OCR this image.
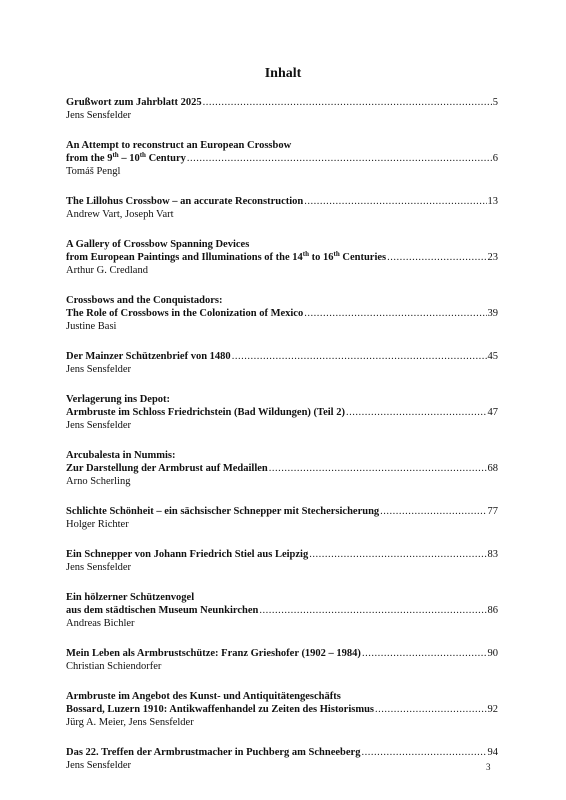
Inhalt
Grußwort zum Jahrblatt 2025 .....	5
Jens Sensfelder
An Attempt to reconstruct an European Crossbow
from the 9th – 10th Century .....	6
Tomáš Pengl
The Lillohus Crossbow – an accurate Reconstruction .....	13
Andrew Vart, Joseph Vart
A Gallery of Crossbow Spanning Devices
from European Paintings and Illuminations of the 14th to 16th Centuries .....	23
Arthur G. Credland
Crossbows and the Conquistadors:
The Role of Crossbows in the Colonization of Mexico .....	39
Justine Basi
Der Mainzer Schützenbrief von 1480 .....	45
Jens Sensfelder
Verlagerung ins Depot:
Armbruste im Schloss Friedrichstein (Bad Wildungen) (Teil 2) .....	47
Jens Sensfelder
Arcubalesta in Nummis:
Zur Darstellung der Armbrust auf Medaillen .....	68
Arno Scherling
Schlichte Schönheit – ein sächsischer Schnepper mit Stechersicherung .....	77
Holger Richter
Ein Schnepper von Johann Friedrich Stiel aus Leipzig .....	83
Jens Sensfelder
Ein hölzerner Schützenvogel
aus dem städtischen Museum Neunkirchen .....	86
Andreas Bichler
Mein Leben als Armbrustschütze: Franz Grieshofer (1902 – 1984) .....	90
Christian Schiendorfer
Armbruste im Angebot des Kunst- und Antiquitätengeschäfts
Bossard, Luzern 1910: Antikwaffenhandel zu Zeiten des Historismus .....	92
Jürg A. Meier, Jens Sensfelder
Das 22. Treffen der Armbrustmacher in Puchberg am Schneeberg .....	94
Jens Sensfelder	3
